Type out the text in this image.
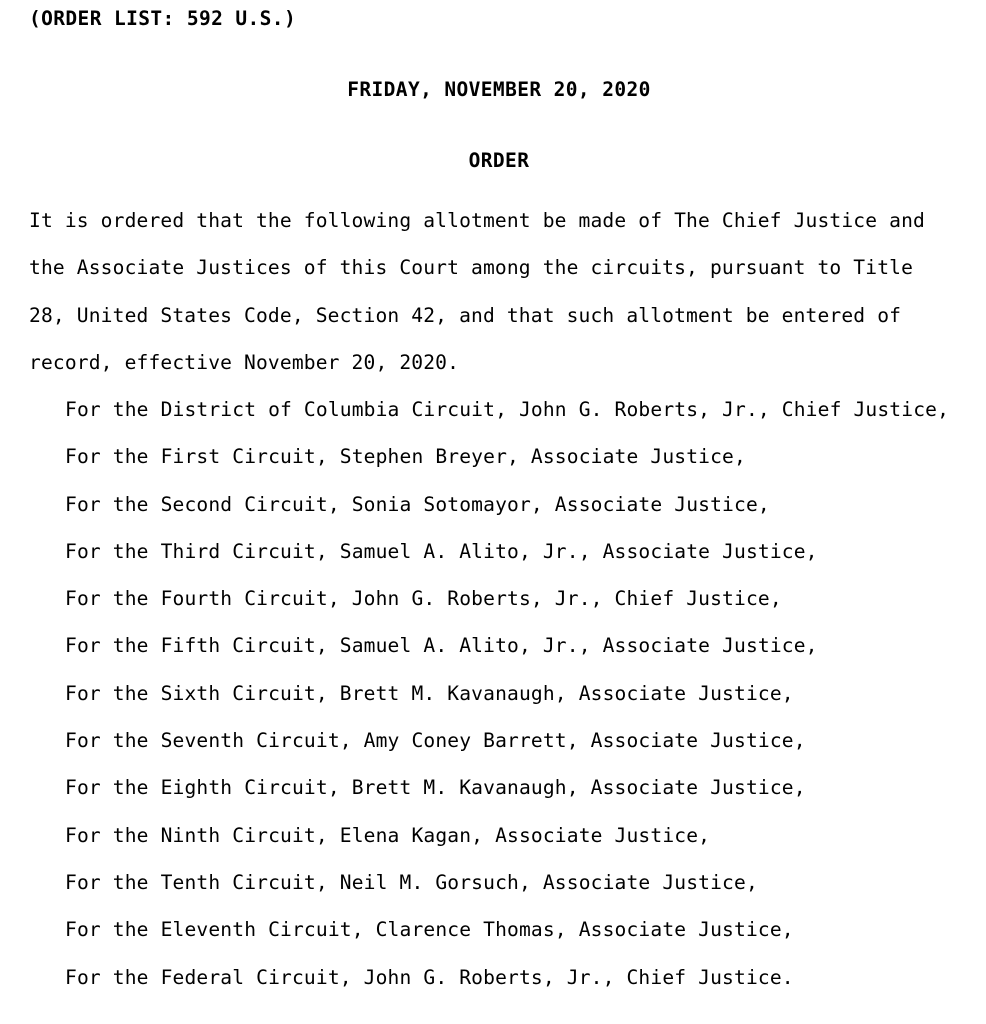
(ORDER LIST: 592 U.S.)
FRIDAY, NOVEMBER 20, 2020
ORDER
It is ordered that the following allotment be made of The Chief Justice and
the Associate Justices of this Court among the circuits, pursuant to Title
28, United States Code, Section 42, and that such allotment be entered of
record, effective November 20, 2020.
For the District of Columbia Circuit, John G. Roberts, Jr., Chief Justice,
For the First Circuit, Stephen Breyer, Associate Justice,
For the Second Circuit, Sonia Sotomayor, Associate Justice,
For the Third Circuit, Samuel A. Alito, Jr., Associate Justice,
For the Fourth Circuit, John G. Roberts, Jr., Chief Justice,
For the Fifth Circuit, Samuel A. Alito, Jr., Associate Justice,
For the Sixth Circuit, Brett M. Kavanaugh, Associate Justice,
For the Seventh Circuit, Amy Coney Barrett, Associate Justice,
For the Eighth Circuit, Brett M. Kavanaugh, Associate Justice,
For the Ninth Circuit, Elena Kagan, Associate Justice,
For the Tenth Circuit, Neil M. Gorsuch, Associate Justice,
For the Eleventh Circuit, Clarence Thomas, Associate Justice,
For the Federal Circuit, John G. Roberts, Jr., Chief Justice.
